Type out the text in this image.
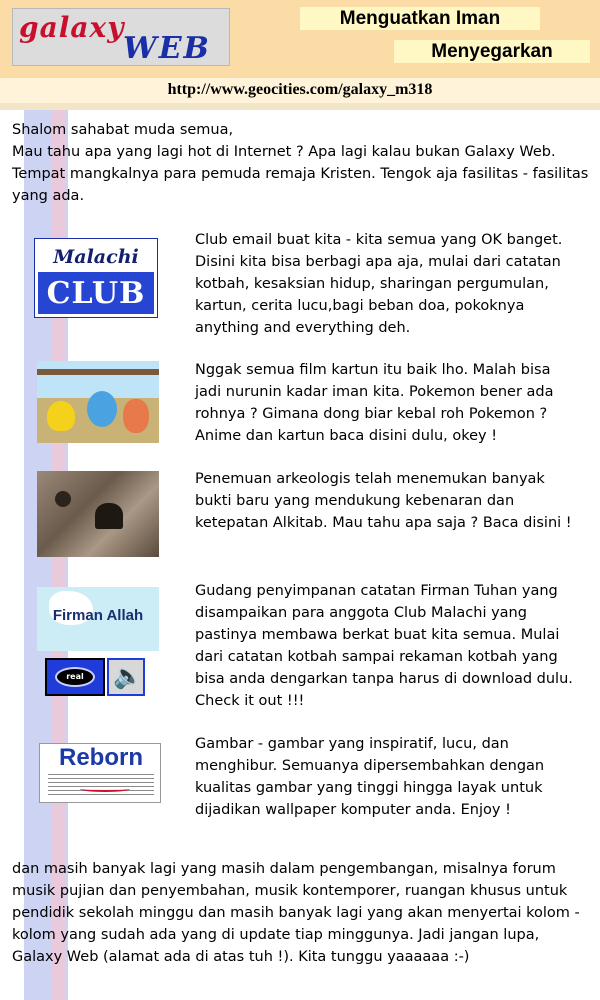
galaxy
WEB
Menguatkan Iman
Menyegarkan
http://www.geocities.com/galaxy_m318
Shalom sahabat muda semua,
Mau tahu apa yang lagi hot di Internet ? Apa lagi kalau bukan Galaxy Web. Tempat mangkalnya para pemuda remaja Kristen. Tengok aja fasilitas - fasilitas yang ada.
Malachi
CLUB
Club email buat kita - kita semua yang OK banget. Disini kita bisa berbagi apa aja, mulai dari catatan kotbah, kesaksian hidup, sharingan pergumulan, kartun, cerita lucu,bagi beban doa, pokoknya anything and everything deh.
Nggak semua film kartun itu baik lho. Malah bisa jadi nurunin kadar iman kita. Pokemon bener ada rohnya ? Gimana dong biar kebal roh Pokemon ? Anime dan kartun baca disini dulu, okey !
Penemuan arkeologis telah menemukan banyak bukti baru yang mendukung kebenaran dan ketepatan Alkitab. Mau tahu apa saja ? Baca disini !
Firman Allah
real	🔈
Gudang penyimpanan catatan Firman Tuhan yang disampaikan para anggota Club Malachi yang pastinya membawa berkat buat kita semua. Mulai dari catatan kotbah sampai rekaman kotbah yang bisa anda dengarkan tanpa harus di download dulu. Check it out !!!
Reborn	Gambar - gambar yang inspiratif, lucu, dan menghibur. Semuanya dipersembahkan dengan kualitas gambar yang tinggi hingga layak untuk dijadikan wallpaper komputer anda. Enjoy !
dan masih banyak lagi yang masih dalam pengembangan, misalnya forum musik pujian dan penyembahan, musik kontemporer, ruangan khusus untuk pendidik sekolah minggu dan masih banyak lagi yang akan menyertai kolom - kolom yang sudah ada yang di update tiap minggunya. Jadi jangan lupa, Galaxy Web (alamat ada di atas tuh !). Kita tunggu yaaaaaa :-)
